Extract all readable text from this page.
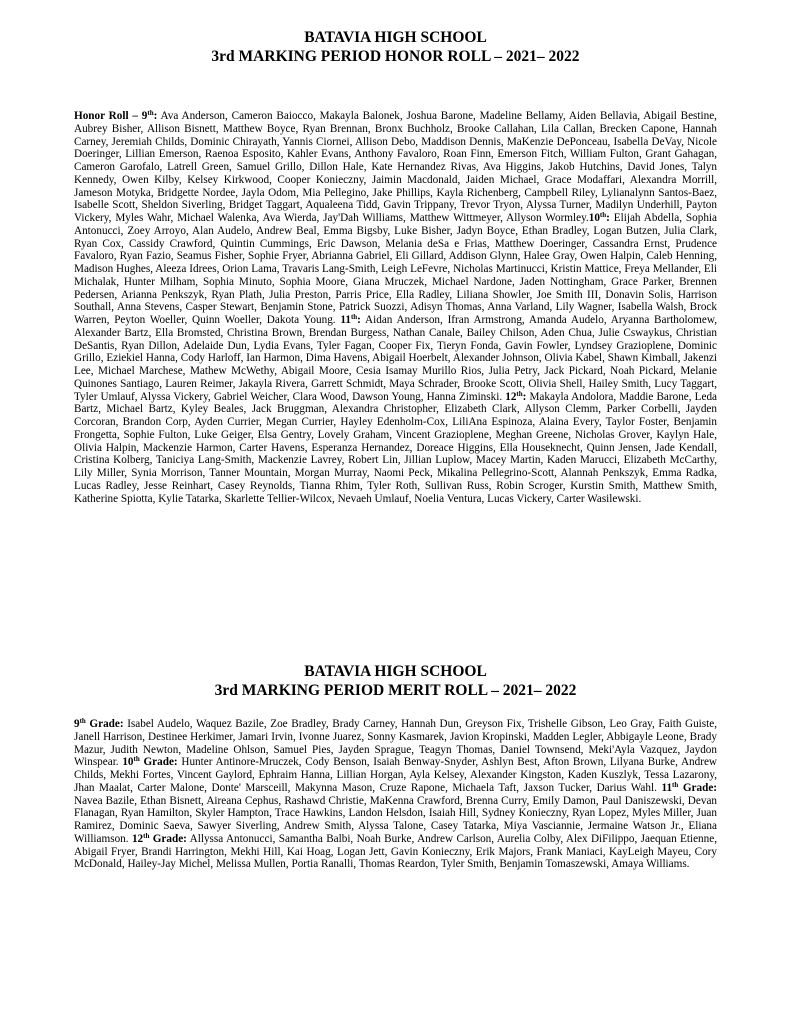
BATAVIA HIGH SCHOOL
3rd MARKING PERIOD HONOR ROLL – 2021– 2022
Honor Roll – 9th: Ava Anderson, Cameron Baiocco, Makayla Balonek, Joshua Barone, Madeline Bellamy, Aiden Bellavia, Abigail Bestine, Aubrey Bisher, Allison Bisnett, Matthew Boyce, Ryan Brennan, Bronx Buchholz, Brooke Callahan, Lila Callan, Brecken Capone, Hannah Carney, Jeremiah Childs, Dominic Chirayath, Yannis Ciornei, Allison Debo, Maddison Dennis, MaKenzie DePonceau, Isabella DeVay, Nicole Doeringer, Lillian Emerson, Raenoa Esposito, Kahler Evans, Anthony Favaloro, Roan Finn, Emerson Fitch, William Fulton, Grant Gahagan, Cameron Garofalo, Latrell Green, Samuel Grillo, Dillon Hale, Kate Hernandez Rivas, Ava Higgins, Jakob Hutchins, David Jones, Talyn Kennedy, Owen Kilby, Kelsey Kirkwood, Cooper Konieczny, Jaimin Macdonald, Jaiden Michael, Grace Modaffari, Alexandra Morrill, Jameson Motyka, Bridgette Nordee, Jayla Odom, Mia Pellegino, Jake Phillips, Kayla Richenberg, Campbell Riley, Lylianalynn Santos-Baez, Isabelle Scott, Sheldon Siverling, Bridget Taggart, Aqualeena Tidd, Gavin Trippany, Trevor Tryon, Alyssa Turner, Madilyn Underhill, Payton Vickery, Myles Wahr, Michael Walenka, Ava Wierda, Jay'Dah Williams, Matthew Wittmeyer, Allyson Wormley.10th: Elijah Abdella, Sophia Antonucci, Zoey Arroyo, Alan Audelo, Andrew Beal, Emma Bigsby, Luke Bisher, Jadyn Boyce, Ethan Bradley, Logan Butzen, Julia Clark, Ryan Cox, Cassidy Crawford, Quintin Cummings, Eric Dawson, Melania deSa e Frias, Matthew Doeringer, Cassandra Ernst, Prudence Favaloro, Ryan Fazio, Seamus Fisher, Sophie Fryer, Abrianna Gabriel, Eli Gillard, Addison Glynn, Halee Gray, Owen Halpin, Caleb Henning, Madison Hughes, Aleeza Idrees, Orion Lama, Travaris Lang-Smith, Leigh LeFevre, Nicholas Martinucci, Kristin Mattice, Freya Mellander, Eli Michalak, Hunter Milham, Sophia Minuto, Sophia Moore, Giana Mruczek, Michael Nardone, Jaden Nottingham, Grace Parker, Brennen Pedersen, Arianna Penkszyk, Ryan Plath, Julia Preston, Parris Price, Ella Radley, Liliana Showler, Joe Smith III, Donavin Solis, Harrison Southall, Anna Stevens, Casper Stewart, Benjamin Stone, Patrick Suozzi, Adisyn Thomas, Anna Varland, Lily Wagner, Isabella Walsh, Brock Warren, Peyton Woeller, Quinn Woeller, Dakota Young. 11th: Aidan Anderson, Ifran Armstrong, Amanda Audelo, Aryanna Bartholomew, Alexander Bartz, Ella Bromsted, Christina Brown, Brendan Burgess, Nathan Canale, Bailey Chilson, Aden Chua, Julie Cswaykus, Christian DeSantis, Ryan Dillon, Adelaide Dun, Lydia Evans, Tyler Fagan, Cooper Fix, Tieryn Fonda, Gavin Fowler, Lyndsey Grazioplene, Dominic Grillo, Eziekiel Hanna, Cody Harloff, Ian Harmon, Dima Havens, Abigail Hoerbelt, Alexander Johnson, Olivia Kabel, Shawn Kimball, Jakenzi Lee, Michael Marchese, Mathew McWethy, Abigail Moore, Cesia Isamay Murillo Rios, Julia Petry, Jack Pickard, Noah Pickard, Melanie Quinones Santiago, Lauren Reimer, Jakayla Rivera, Garrett Schmidt, Maya Schrader, Brooke Scott, Olivia Shell, Hailey Smith, Lucy Taggart, Tyler Umlauf, Alyssa Vickery, Gabriel Weicher, Clara Wood, Dawson Young, Hanna Ziminski. 12th: Makayla Andolora, Maddie Barone, Leda Bartz, Michael Bartz, Kyley Beales, Jack Bruggman, Alexandra Christopher, Elizabeth Clark, Allyson Clemm, Parker Corbelli, Jayden Corcoran, Brandon Corp, Ayden Currier, Megan Currier, Hayley Edenholm-Cox, LiliAna Espinoza, Alaina Every, Taylor Foster, Benjamin Frongetta, Sophie Fulton, Luke Geiger, Elsa Gentry, Lovely Graham, Vincent Grazioplene, Meghan Greene, Nicholas Grover, Kaylyn Hale, Olivia Halpin, Mackenzie Harmon, Carter Havens, Esperanza Hernandez, Doreace Higgins, Ella Houseknecht, Quinn Jensen, Jade Kendall, Cristina Kolberg, Taniciya Lang-Smith, Mackenzie Lavrey, Robert Lin, Jillian Luplow, Macey Martin, Kaden Marucci, Elizabeth McCarthy, Lily Miller, Synia Morrison, Tanner Mountain, Morgan Murray, Naomi Peck, Mikalina Pellegrino-Scott, Alannah Penkszyk, Emma Radka, Lucas Radley, Jesse Reinhart, Casey Reynolds, Tianna Rhim, Tyler Roth, Sullivan Russ, Robin Scroger, Kurstin Smith, Matthew Smith, Katherine Spiotta, Kylie Tatarka, Skarlette Tellier-Wilcox, Nevaeh Umlauf, Noelia Ventura, Lucas Vickery, Carter Wasilewski.
BATAVIA HIGH SCHOOL
3rd MARKING PERIOD MERIT ROLL – 2021– 2022
9th Grade: Isabel Audelo, Waquez Bazile, Zoe Bradley, Brady Carney, Hannah Dun, Greyson Fix, Trishelle Gibson, Leo Gray, Faith Guiste, Janell Harrison, Destinee Herkimer, Jamari Irvin, Ivonne Juarez, Sonny Kasmarek, Javion Kropinski, Madden Legler, Abbigayle Leone, Brady Mazur, Judith Newton, Madeline Ohlson, Samuel Pies, Jayden Sprague, Teagyn Thomas, Daniel Townsend, Meki'Ayla Vazquez, Jaydon Winspear. 10th Grade: Hunter Antinore-Mruczek, Cody Benson, Isaiah Benway-Snyder, Ashlyn Best, Afton Brown, Lilyana Burke, Andrew Childs, Mekhi Fortes, Vincent Gaylord, Ephraim Hanna, Lillian Horgan, Ayla Kelsey, Alexander Kingston, Kaden Kuszlyk, Tessa Lazarony, Jhan Maalat, Carter Malone, Donte' Marsceill, Makynna Mason, Cruze Rapone, Michaela Taft, Jaxson Tucker, Darius Wahl. 11th Grade: Navea Bazile, Ethan Bisnett, Aireana Cephus, Rashawd Christie, MaKenna Crawford, Brenna Curry, Emily Damon, Paul Daniszewski, Devan Flanagan, Ryan Hamilton, Skyler Hampton, Trace Hawkins, Landon Helsdon, Isaiah Hill, Sydney Konieczny, Ryan Lopez, Myles Miller, Juan Ramirez, Dominic Saeva, Sawyer Siverling, Andrew Smith, Alyssa Talone, Casey Tatarka, Miya Vasciannie, Jermaine Watson Jr., Eliana Williamson. 12th Grade: Allyssa Antonucci, Samantha Balbi, Noah Burke, Andrew Carlson, Aurelia Colby, Alex DiFilippo, Jaequan Etienne, Abigail Fryer, Brandi Harrington, Mekhi Hill, Kai Hoag, Logan Jett, Gavin Konieczny, Erik Majors, Frank Maniaci, KayLeigh Mayeu, Cory McDonald, Hailey-Jay Michel, Melissa Mullen, Portia Ranalli, Thomas Reardon, Tyler Smith, Benjamin Tomaszewski, Amaya Williams.
